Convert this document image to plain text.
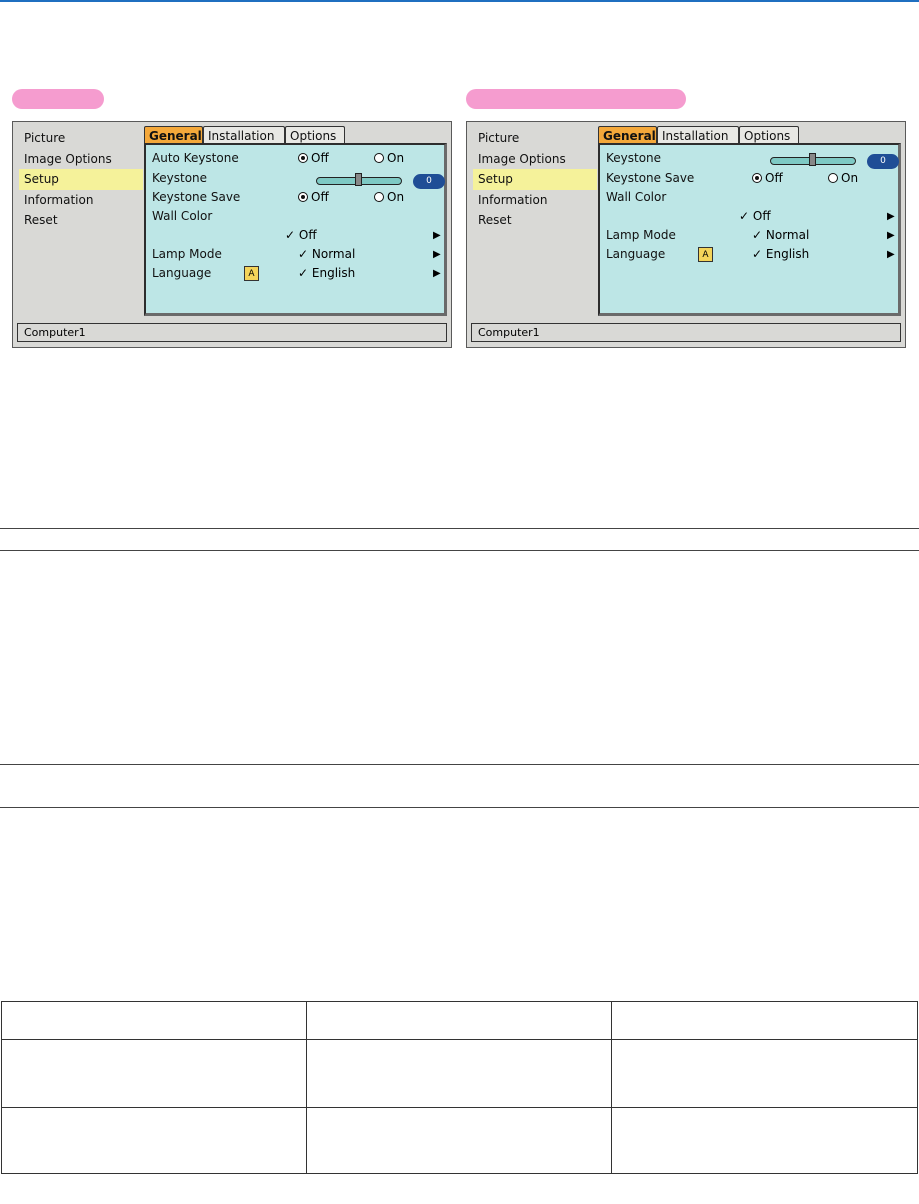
Picture
Image Options
Setup
Information
Reset
General Installation	Options
Auto Keystone	Off	On
Keystone	0
Keystone Save	Off	On
Wall Color
✓ Off	▶
Lamp Mode	✓ Normal	▶
Language	A	✓ English	▶
Computer1
Picture
Image Options
Setup
Information
Reset
General Installation	Options
Keystone	0
Keystone Save	Off	On
Wall Color
✓ Off	▶
Lamp Mode	✓ Normal	▶
Language	A	✓ English	▶
Computer1
